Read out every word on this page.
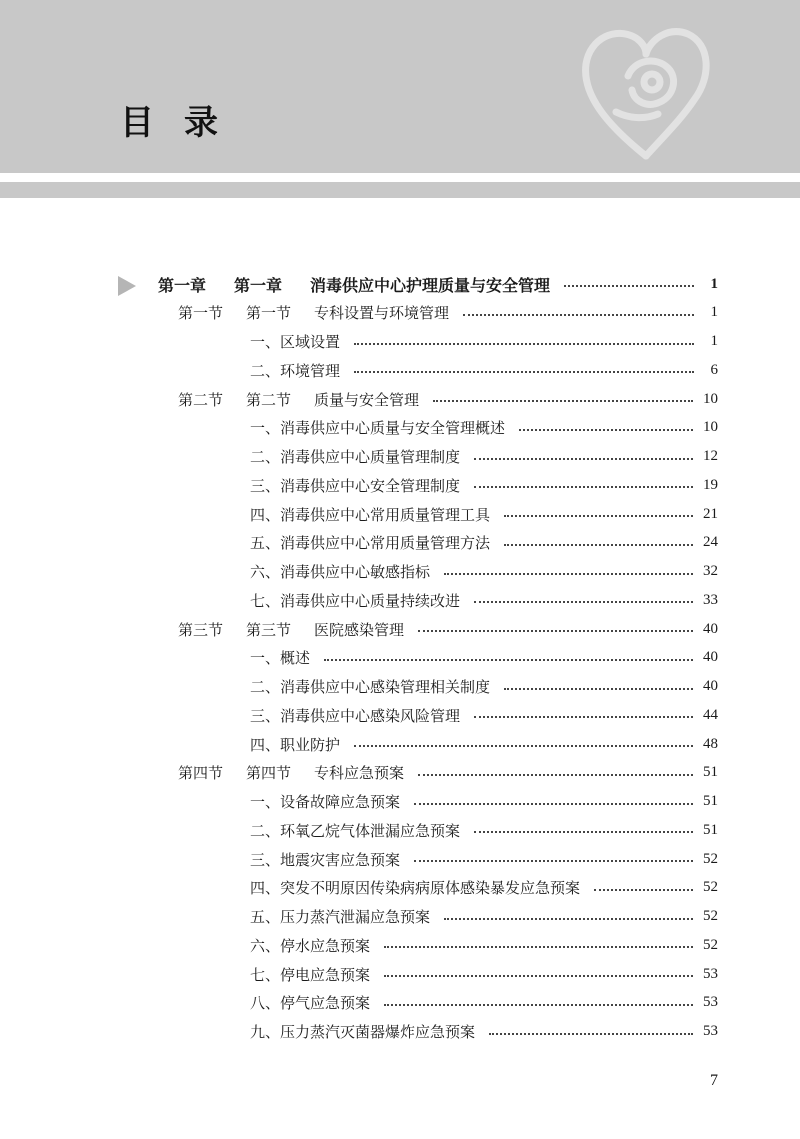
目录
第一章	第一章	消毒供应中心护理质量与安全管理	1
第一节	第一节	专科设置与环境管理	1
一、区域设置	1
二、环境管理	6
第二节	第二节	质量与安全管理	10
一、消毒供应中心质量与安全管理概述	10
二、消毒供应中心质量管理制度	12
三、消毒供应中心安全管理制度	19
四、消毒供应中心常用质量管理工具	21
五、消毒供应中心常用质量管理方法	24
六、消毒供应中心敏感指标	32
七、消毒供应中心质量持续改进	33
第三节	第三节	医院感染管理	40
一、概述	40
二、消毒供应中心感染管理相关制度	40
三、消毒供应中心感染风险管理	44
四、职业防护	48
第四节	第四节	专科应急预案	51
一、设备故障应急预案	51
二、环氧乙烷气体泄漏应急预案	51
三、地震灾害应急预案	52
四、突发不明原因传染病病原体感染暴发应急预案	52
五、压力蒸汽泄漏应急预案	52
六、停水应急预案	52
七、停电应急预案	53
八、停气应急预案	53
九、压力蒸汽灭菌器爆炸应急预案	53
7
